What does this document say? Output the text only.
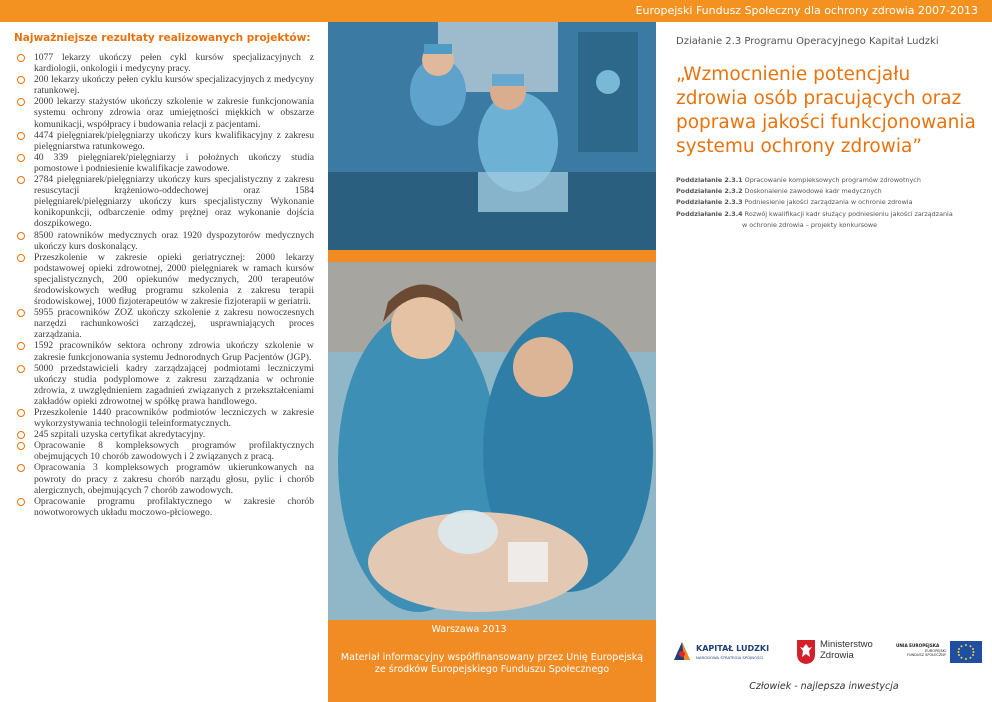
Europejski Fundusz Społeczny dla ochrony zdrowia 2007-2013
Najważniejsze rezultaty realizowanych projektów:
1077 lekarzy ukończy pełen cykl kursów specjalizacyjnych z kardiologii, onkologii i medycyny pracy.
200 lekarzy ukończy pełen cyklu kursów specjalizacyjnych z medycyny ratunkowej.
2000 lekarzy stażystów ukończy szkolenie w zakresie funkcjonowania systemu ochrony zdrowia oraz umiejętności miękkich w obszarze komunikacji, współpracy i budowania relacji z pacjentami.
4474 pielęgniarek/pielęgniarzy ukończy kurs kwalifikacyjny z zakresu pielęgniarstwa ratunkowego.
40 339 pielęgniarek/pielęgniarzy i położnych ukończy studia pomostowe i podniesienie kwalifikacje zawodowe.
2784 pielęgniarek/pielęgniarzy ukończy kurs specjalistyczny z zakresu resuscytacji krążeniowo-oddechowej oraz 1584 pielęgniarek/pielęgniarzy ukończy kurs specjalistyczny Wykonanie konikopunkcji, odbarczenie odmy prężnej oraz wykonanie dojścia doszpikowego.
8500 ratowników medycznych oraz 1920 dyspozytorów medycznych ukończy kurs doskonalący.
Przeszkolenie w zakresie opieki geriatrycznej: 2000 lekarzy podstawowej opieki zdrowotnej, 2000 pielęgniarek w ramach kursów specjalistycznych, 200 opiekunów medycznych, 200 terapeutów środowiskowych według programu szkolenia z zakresu terapii środowiskowej, 1000 fizjoterapeutów w zakresie fizjoterapii w geriatrii.
5955 pracowników ZOZ ukończy szkolenie z zakresu nowoczesnych narzędzi rachunkowości zarządczej, usprawniających proces zarządzania.
1592 pracowników sektora ochrony zdrowia ukończy szkolenie w zakresie funkcjonowania systemu Jednorodnych Grup Pacjentów (JGP).
5000 przedstawicieli kadry zarządzającej podmiotami leczniczymi ukończy studia podyplomowe z zakresu zarządzania w ochronie zdrowia, z uwzględnieniem zagadnień związanych z przekształceniami zakładów opieki zdrowotnej w spółkę prawa handlowego.
Przeszkolenie 1440 pracowników podmiotów leczniczych w zakresie wykorzystywania technologii teleinformatycznych.
245 szpitali uzyska certyfikat akredytacyjny.
Opracowanie 8 kompleksowych programów profilaktycznych obejmujących 10 chorób zawodowych i 2 związanych z pracą.
Opracowania 3 kompleksowych programów ukierunkowanych na powroty do pracy z zakresu chorób narządu głosu, pylic i chorób alergicznych, obejmujących 7 chorób zawodowych.
Opracowanie programu profilaktycznego w zakresie chorób nowotworowych układu moczowo-płciowego.
Warszawa 2013
Materiał informacyjny współfinansowany przez Unię Europejską
ze środków Europejskiego Funduszu Społecznego
Działanie 2.3 Programu Operacyjnego Kapitał Ludzki
„Wzmocnienie potencjału
zdrowia osób pracujących oraz
poprawa jakości funkcjonowania
systemu ochrony zdrowia”
Poddziałanie 2.3.1 Opracowanie kompleksowych programów zdrowotnych
Poddziałanie 2.3.2 Doskonalenie zawodowe kadr medycznych
Poddziałanie 2.3.3 Podniesienie jakości zarządzania w ochronie zdrowia
Poddziałanie 2.3.4 Rozwój kwalifikacji kadr służący podniesieniu jakości zarządzania
w ochronie zdrowia – projekty konkursowe
KAPITAŁ LUDZKI
NARODOWA STRATEGIA SPÓJNOŚCI
Ministerstwo
Zdrowia
UNIA EUROPEJSKA
EUROPEJSKI
FUNDUSZ SPOŁECZNY
Człowiek - najlepsza inwestycja
